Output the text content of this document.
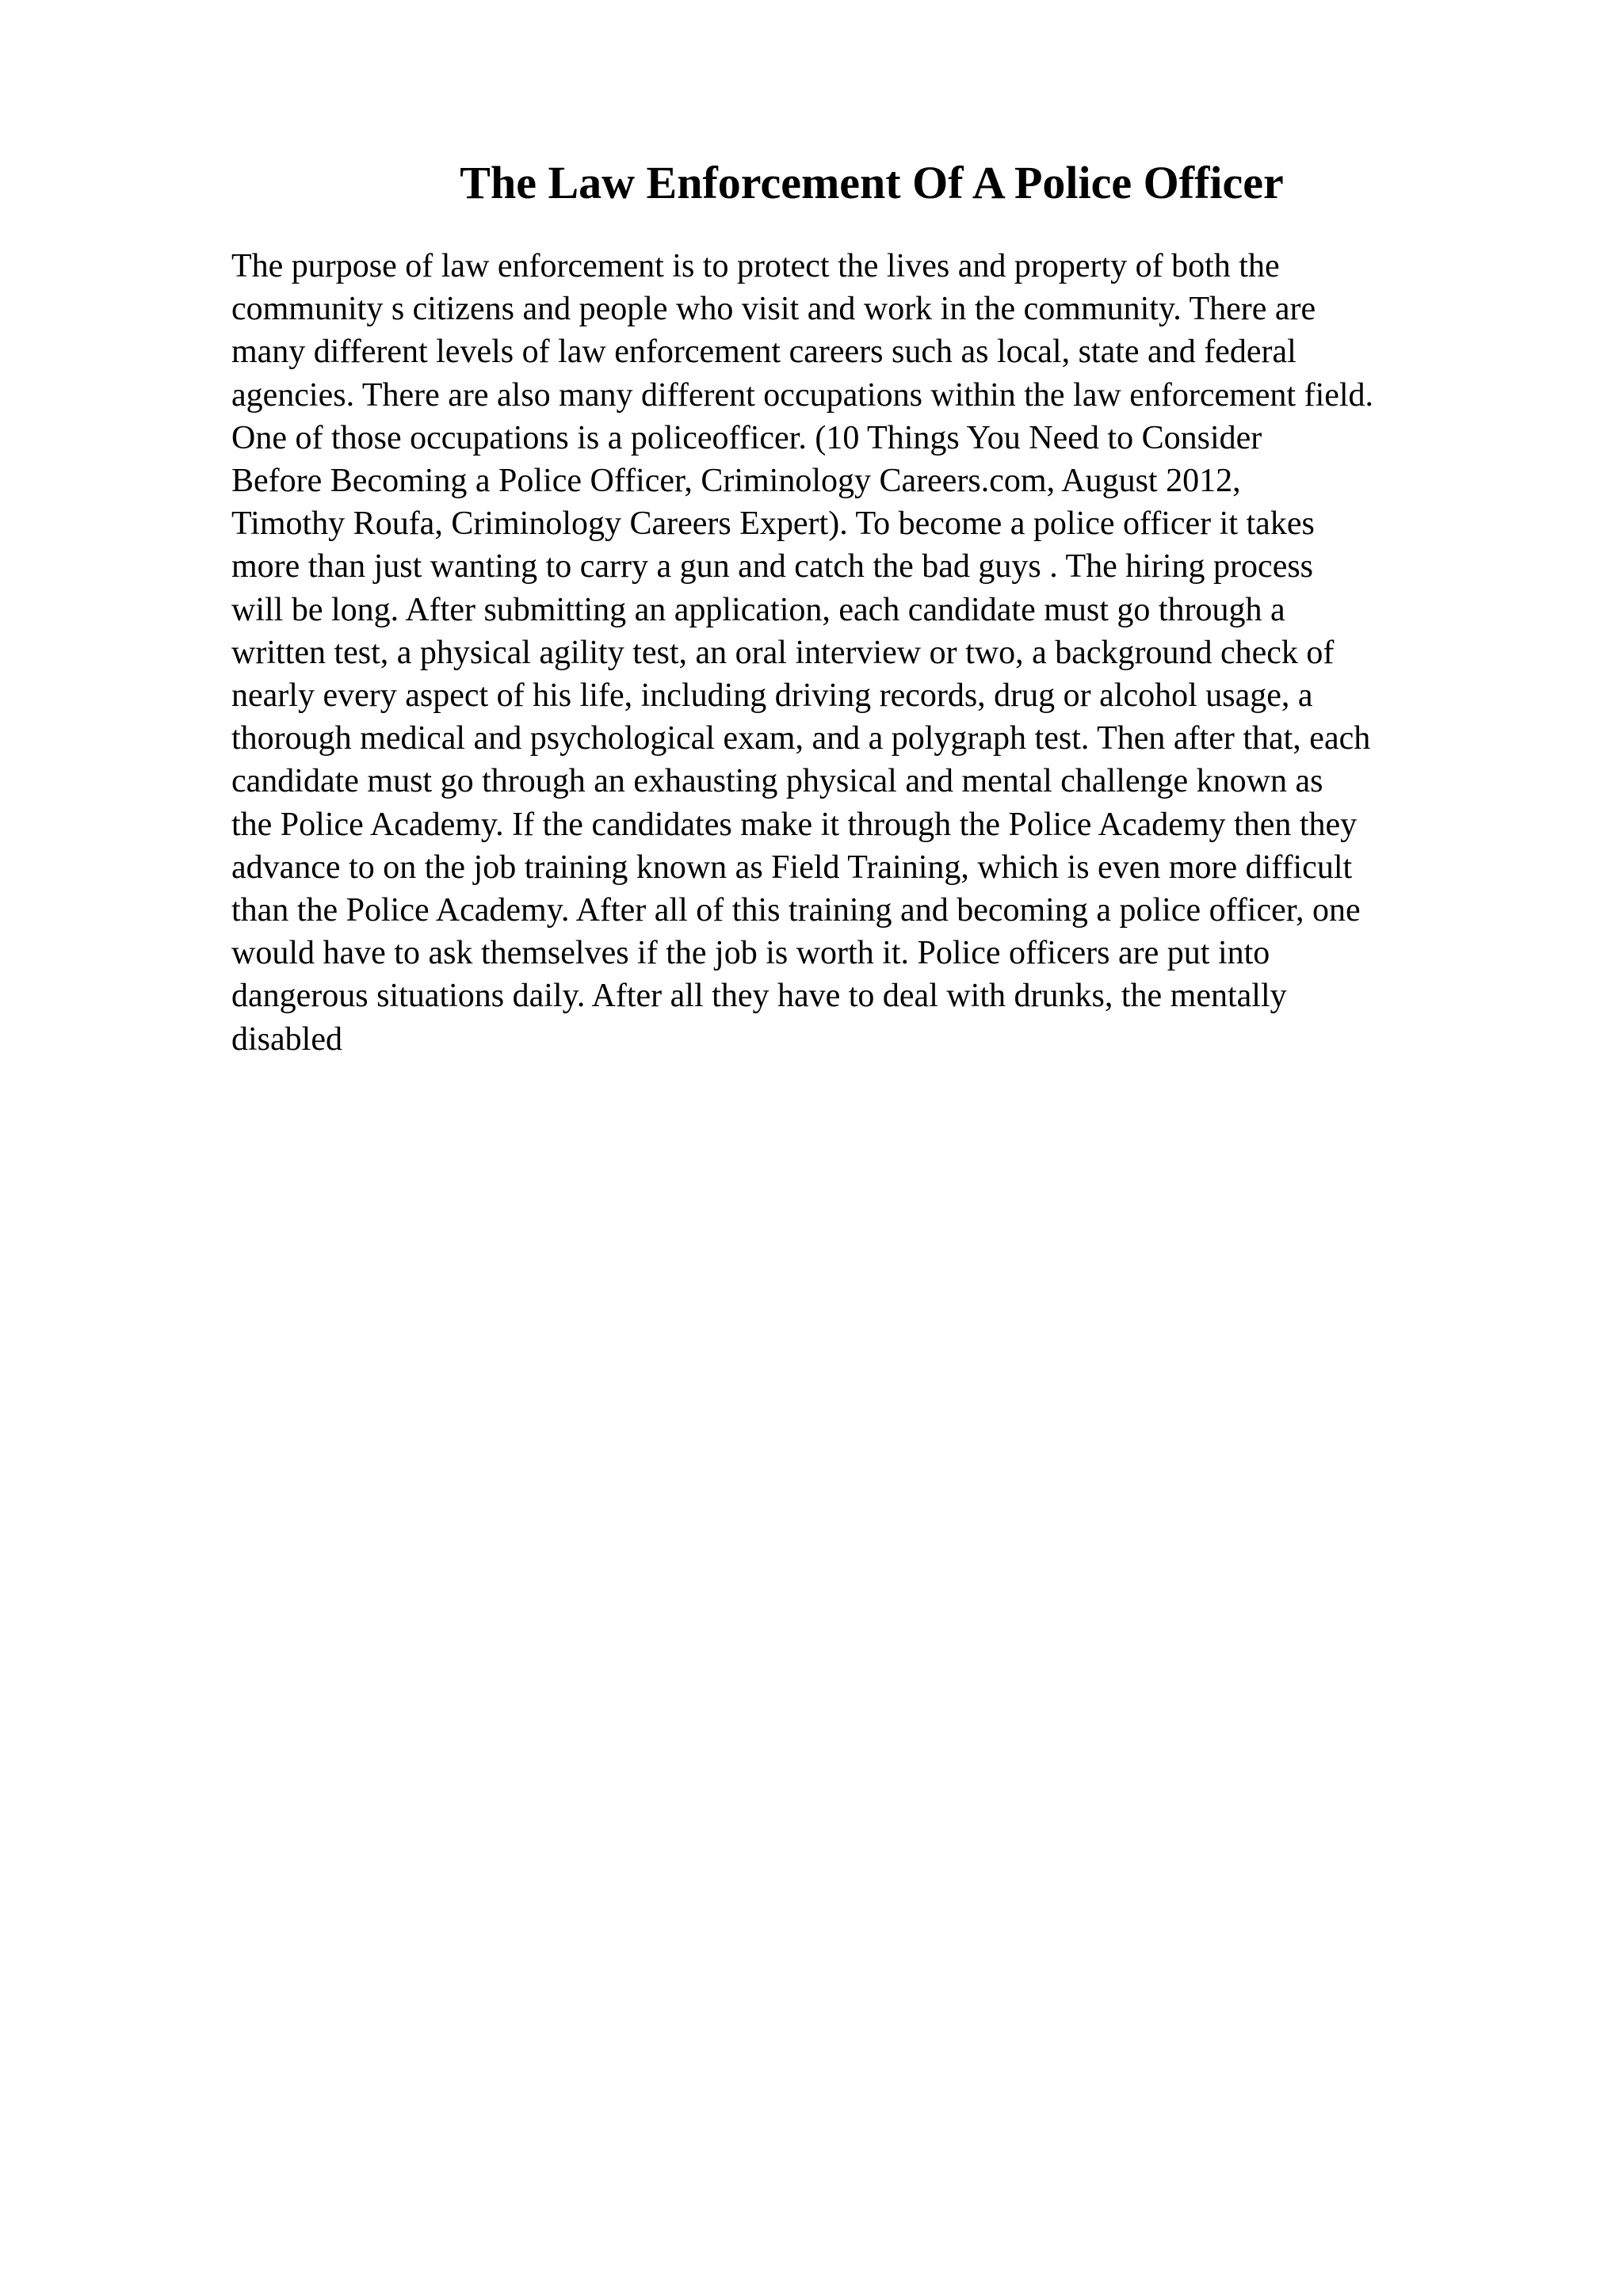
The Law Enforcement Of A Police Officer
The purpose of law enforcement is to protect the lives and property of both the
community s citizens and people who visit and work in the community. There are
many different levels of law enforcement careers such as local, state and federal
agencies. There are also many different occupations within the law enforcement field.
One of those occupations is a policeofficer. (10 Things You Need to Consider
Before Becoming a Police Officer, Criminology Careers.com, August 2012,
Timothy Roufa, Criminology Careers Expert). To become a police officer it takes
more than just wanting to carry a gun and catch the bad guys . The hiring process
will be long. After submitting an application, each candidate must go through a
written test, a physical agility test, an oral interview or two, a background check of
nearly every aspect of his life, including driving records, drug or alcohol usage, a
thorough medical and psychological exam, and a polygraph test. Then after that, each
candidate must go through an exhausting physical and mental challenge known as
the Police Academy. If the candidates make it through the Police Academy then they
advance to on the job training known as Field Training, which is even more difficult
than the Police Academy. After all of this training and becoming a police officer, one
would have to ask themselves if the job is worth it. Police officers are put into
dangerous situations daily. After all they have to deal with drunks, the mentally
disabled
